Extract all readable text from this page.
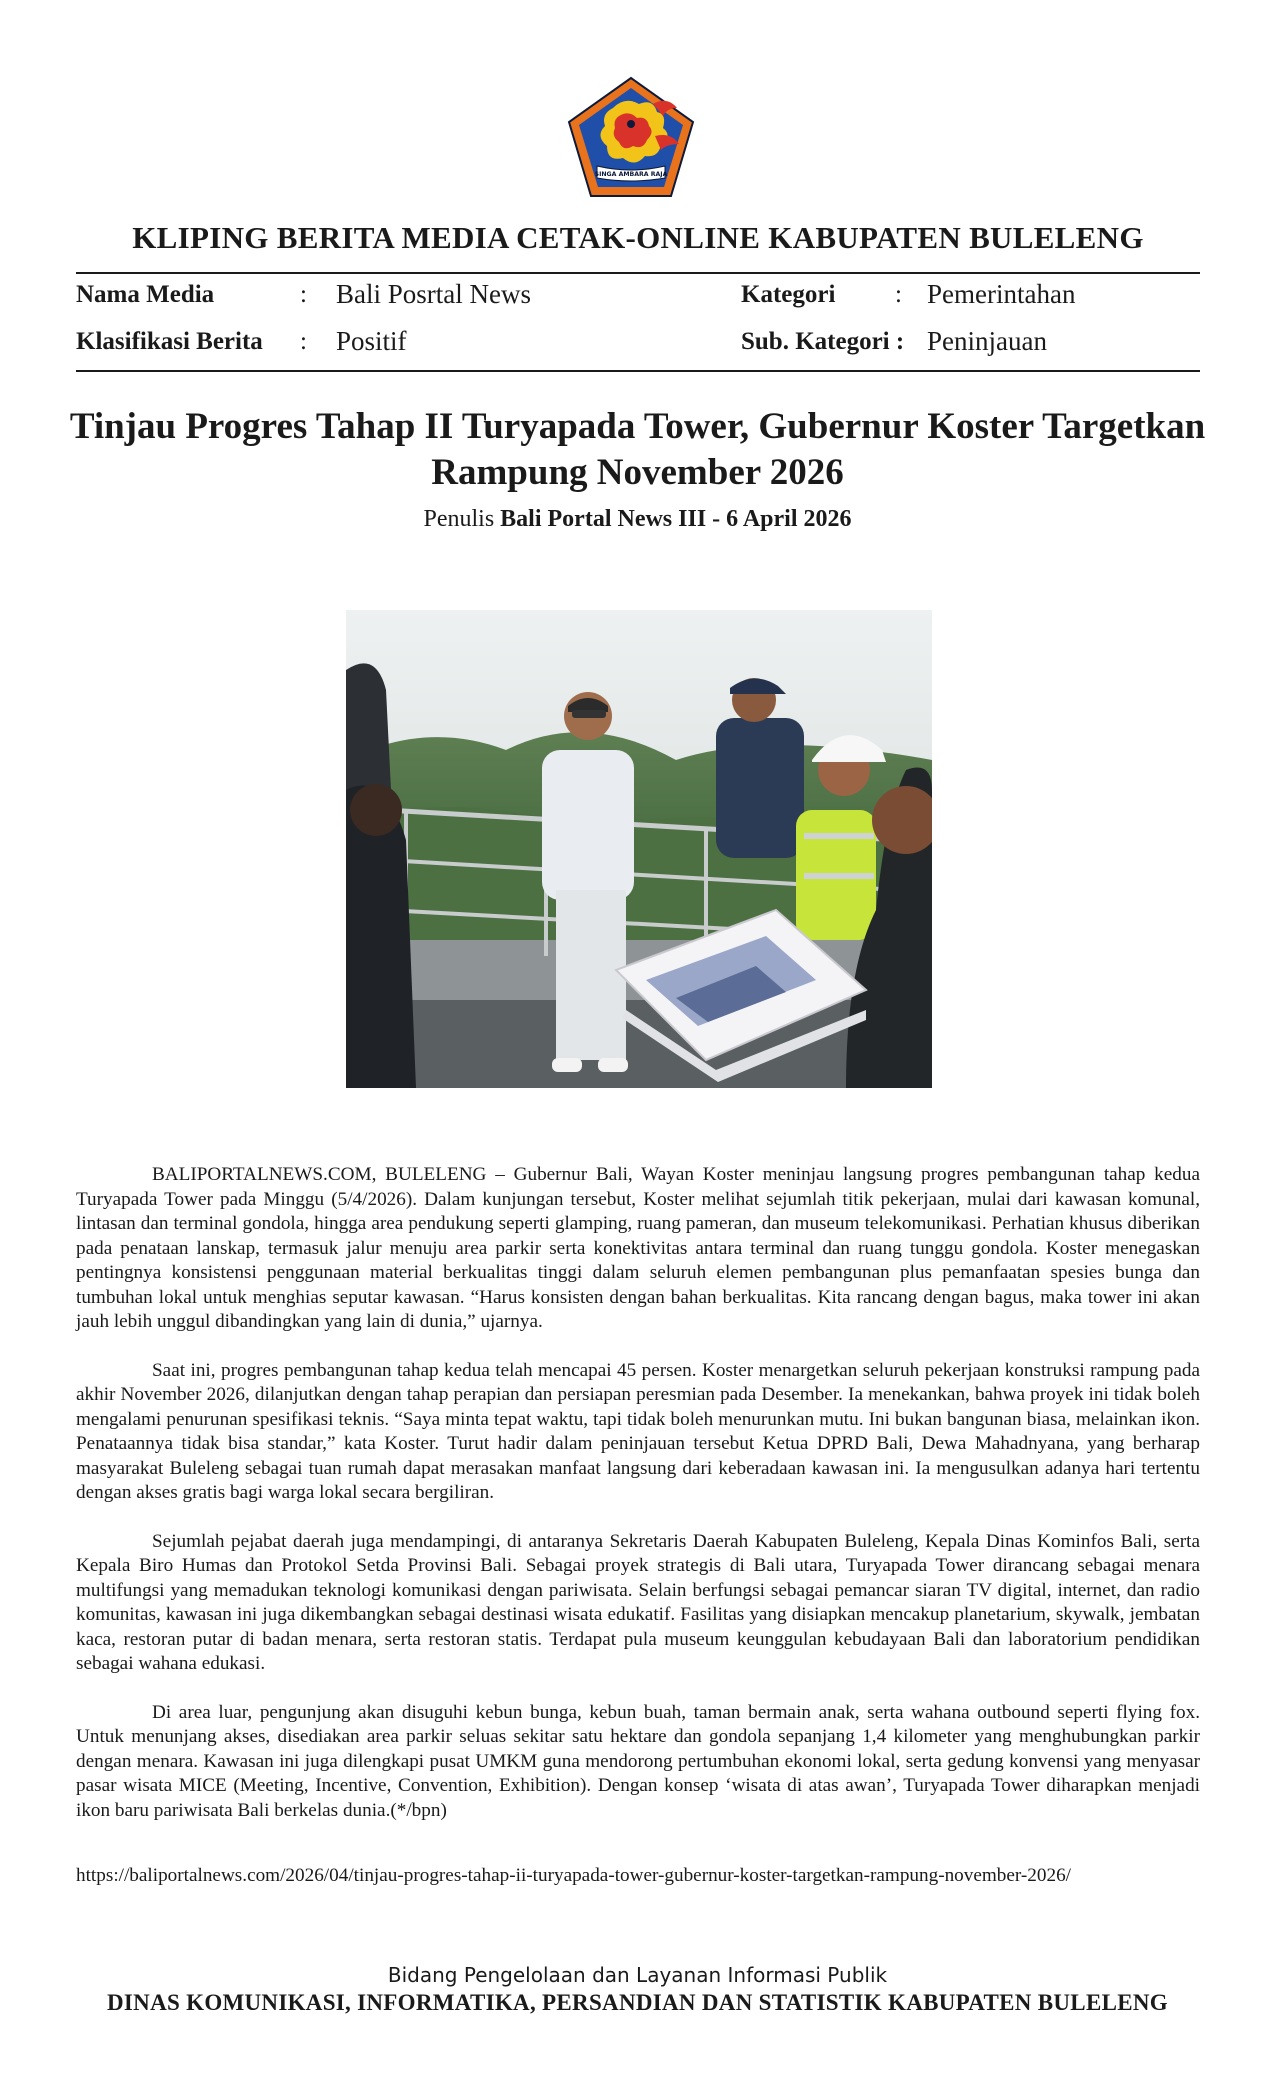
SINGA AMBARA RAJA
KLIPING BERITA MEDIA CETAK-ONLINE KABUPATEN BULELENG
Nama Media	: Bali Posrtal News	Kategori : Pemerintahan
Klasifikasi Berita : Positif	Sub. Kategori : Peninjauan
Tinjau Progres Tahap II Turyapada Tower, Gubernur Koster Targetkan
Rampung November 2026
Penulis Bali Portal News III - 6 April 2026

BALIPORTALNEWS.COM, BULELENG – Gubernur Bali, Wayan Koster meninjau langsung progres pembangunan tahap kedua Turyapada Tower pada Minggu (5/4/2026). Dalam kunjungan tersebut, Koster melihat sejumlah titik pekerjaan, mulai dari kawasan komunal, lintasan dan terminal gondola, hingga area pendukung seperti glamping, ruang pameran, dan museum telekomunikasi. Perhatian khusus diberikan pada penataan lanskap, termasuk jalur menuju area parkir serta konektivitas antara terminal dan ruang tunggu gondola. Koster menegaskan pentingnya konsistensi penggunaan material berkualitas tinggi dalam seluruh elemen pembangunan plus pemanfaatan spesies bunga dan tumbuhan lokal untuk menghias seputar kawasan. “Harus konsisten dengan bahan berkualitas. Kita rancang dengan bagus, maka tower ini akan jauh lebih unggul dibandingkan yang lain di dunia,” ujarnya.

Saat ini, progres pembangunan tahap kedua telah mencapai 45 persen. Koster menargetkan seluruh pekerjaan konstruksi rampung pada akhir November 2026, dilanjutkan dengan tahap perapian dan persiapan peresmian pada Desember. Ia menekankan, bahwa proyek ini tidak boleh mengalami penurunan spesifikasi teknis. “Saya minta tepat waktu, tapi tidak boleh menurunkan mutu. Ini bukan bangunan biasa, melainkan ikon. Penataannya tidak bisa standar,” kata Koster. Turut hadir dalam peninjauan tersebut Ketua DPRD Bali, Dewa Mahadnyana, yang berharap masyarakat Buleleng sebagai tuan rumah dapat merasakan manfaat langsung dari keberadaan kawasan ini. Ia mengusulkan adanya hari tertentu dengan akses gratis bagi warga lokal secara bergiliran.

Sejumlah pejabat daerah juga mendampingi, di antaranya Sekretaris Daerah Kabupaten Buleleng, Kepala Dinas Kominfos Bali, serta Kepala Biro Humas dan Protokol Setda Provinsi Bali. Sebagai proyek strategis di Bali utara, Turyapada Tower dirancang sebagai menara multifungsi yang memadukan teknologi komunikasi dengan pariwisata. Selain berfungsi sebagai pemancar siaran TV digital, internet, dan radio komunitas, kawasan ini juga dikembangkan sebagai destinasi wisata edukatif. Fasilitas yang disiapkan mencakup planetarium, skywalk, jembatan kaca, restoran putar di badan menara, serta restoran statis. Terdapat pula museum keunggulan kebudayaan Bali dan laboratorium pendidikan sebagai wahana edukasi.

Di area luar, pengunjung akan disuguhi kebun bunga, kebun buah, taman bermain anak, serta wahana outbound seperti flying fox. Untuk menunjang akses, disediakan area parkir seluas sekitar satu hektare dan gondola sepanjang 1,4 kilometer yang menghubungkan parkir dengan menara. Kawasan ini juga dilengkapi pusat UMKM guna mendorong pertumbuhan ekonomi lokal, serta gedung konvensi yang menyasar pasar wisata MICE (Meeting, Incentive, Convention, Exhibition). Dengan konsep ‘wisata di atas awan’, Turyapada Tower diharapkan menjadi ikon baru pariwisata Bali berkelas dunia.(*/bpn)

https://baliportalnews.com/2026/04/tinjau-progres-tahap-ii-turyapada-tower-gubernur-koster-targetkan-rampung-november-2026/
Bidang Pengelolaan dan Layanan Informasi Publik
DINAS KOMUNIKASI, INFORMATIKA, PERSANDIAN DAN STATISTIK KABUPATEN BULELENG
